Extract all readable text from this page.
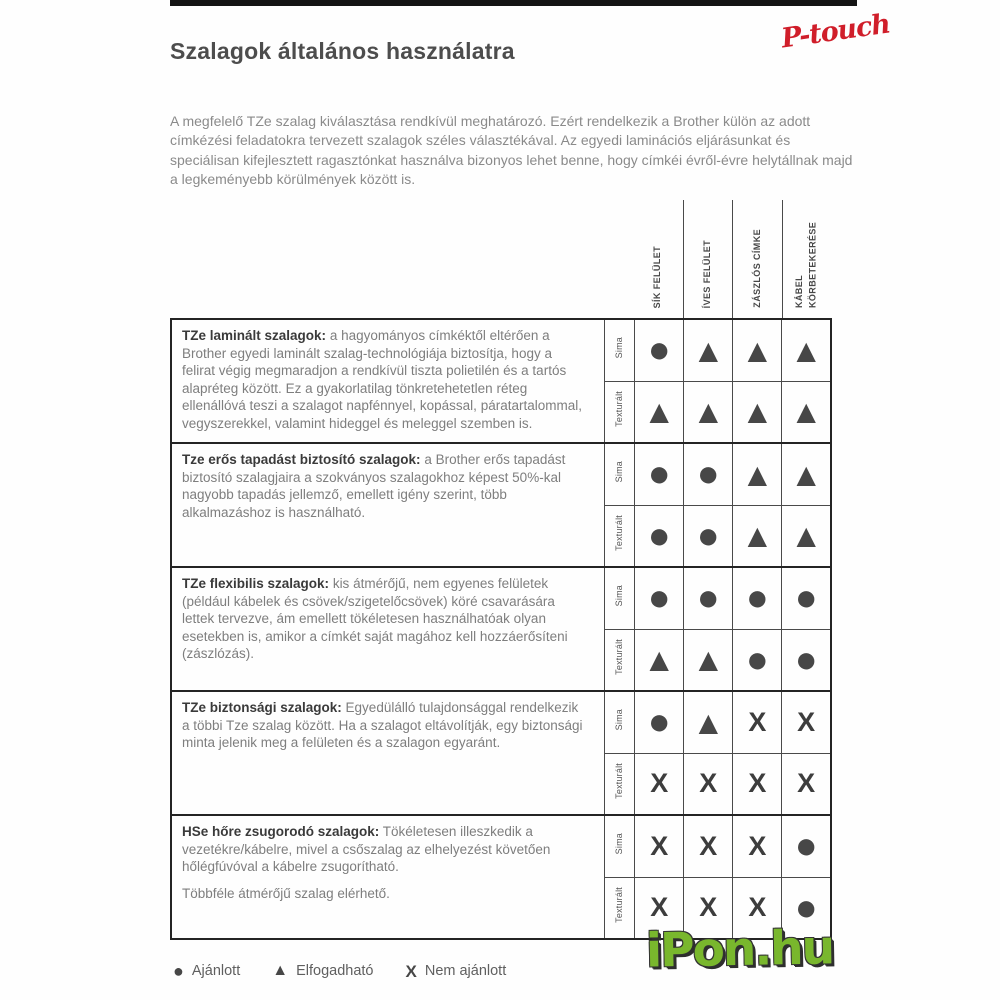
P-touch
Szalagok általános használatra

A megfelelő TZe szalag kiválasztása rendkívül meghatározó. Ezért rendelkezik a Brother külön az adott címkézési feladatokra tervezett szalagok széles választékával. Az egyedi laminációs eljárásunkat és speciálisan kifejlesztett ragasztónkat használva bizonyos lehet benne, hogy címkéi évről-évre helytállnak majd a legkeményebb körülmények között is.

SÍK FELÜLET	ÍVES FELÜLET	ZÁSZLÓS CÍMKE	KÁBEL KÖRBETEKERÉSE

TZe laminált szalagok: a hagyományos címkéktől eltérően a Brother egyedi laminált szalag-technológiája biztosítja, hogy a felirat végig megmaradjon a rendkívül tiszta polietilén és a tartós alapréteg között. Ez a gyakorlatilag tönkretehetetlen réteg ellenállóvá teszi a szalagot napfénnyel, kopással, páratartalommal, vegyszerekkel, valamint hideggel és meleggel szemben is.	Sima	●	▲	▲	▲
	Texturált	▲	▲	▲	▲

Tze erős tapadást biztosító szalagok: a Brother erős tapadást biztosító szalagjaira a szokványos szalagokhoz képest 50%-kal nagyobb tapadás jellemző, emellett igény szerint, több alkalmazáshoz is használható.	Sima	●	●	▲	▲
	Texturált	●	●	▲	▲

TZe flexibilis szalagok: kis átmérőjű, nem egyenes felületek (például kábelek és csövek/szigetelőcsövek) köré csavarására lettek tervezve, ám emellett tökéletesen használhatóak olyan esetekben is, amikor a címkét saját magához kell hozzáerősíteni (zászlózás).	Sima	●	●	●	●
	Texturált	▲	▲	●	●

TZe biztonsági szalagok: Egyedülálló tulajdonsággal rendelkezik a többi Tze szalag között. Ha a szalagot eltávolítják, egy biztonsági minta jelenik meg a felületen és a szalagon egyaránt.	Sima	●	▲	X	X
	Texturált	X	X	X	X

HSe hőre zsugorodó szalagok: Tökéletesen illeszkedik a vezetékre/kábelre, mivel a csőszalag az elhelyezést követően hőlégfúvóval a kábelre zsugorítható.

Többféle átmérőjű szalag elérhető.	Sima	X	X	X	●
	Texturált	X	X	X	●
● Ajánlott ▲ Elfogadható X Nem ajánlott	iPon.hu
